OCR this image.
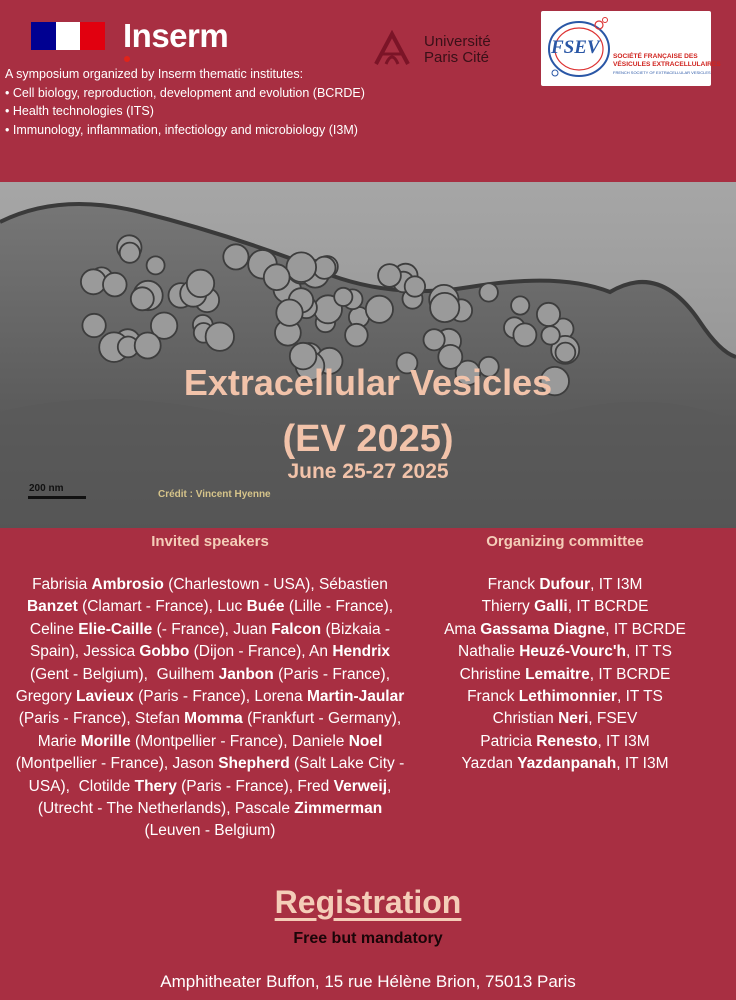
Inserm	Université
Paris Cité	FSEV SOCIÉTÉ FRANÇAISE DES
VÉSICULES EXTRACELLULAIRES
FRENCH SOCIETY OF EXTRACELLULAR VESICLES
A symposium organized by Inserm thematic institutes:
• Cell biology, reproduction, development and evolution (BCRDE)
• Health technologies (ITS)
• Immunology, inflammation, infectiology and microbiology (I3M)
Extracellular Vesicles
(EV 2025)
June 25-27 2025
200 nm
Crédit : Vincent Hyenne
Invited speakers	Organizing committee
Fabrisia Ambrosio (Charlestown - USA), Sébastien Banzet (Clamart - France), Luc Buée (Lille - France), Celine Elie-Caille (- France), Juan Falcon (Bizkaia - Spain), Jessica Gobbo (Dijon - France), An Hendrix (Gent - Belgium), Guilhem Janbon (Paris - France), Gregory Lavieux (Paris - France), Lorena Martin-Jaular (Paris - France), Stefan Momma (Frankfurt - Germany), Marie Morille (Montpellier - France), Daniele Noel (Montpellier - France), Jason Shepherd (Salt Lake City - USA), Clotilde Thery (Paris - France), Fred Verweij, (Utrecht - The Netherlands), Pascale Zimmerman (Leuven - Belgium)
Franck Dufour, IT I3M
Thierry Galli, IT BCRDE
Ama Gassama Diagne, IT BCRDE
Nathalie Heuzé-Vourc'h, IT TS
Christine Lemaitre, IT BCRDE
Franck Lethimonnier, IT TS
Christian Neri, FSEV
Patricia Renesto, IT I3M
Yazdan Yazdanpanah, IT I3M
Registration
Free but mandatory
Amphitheater Buffon, 15 rue Hélène Brion, 75013 Paris
